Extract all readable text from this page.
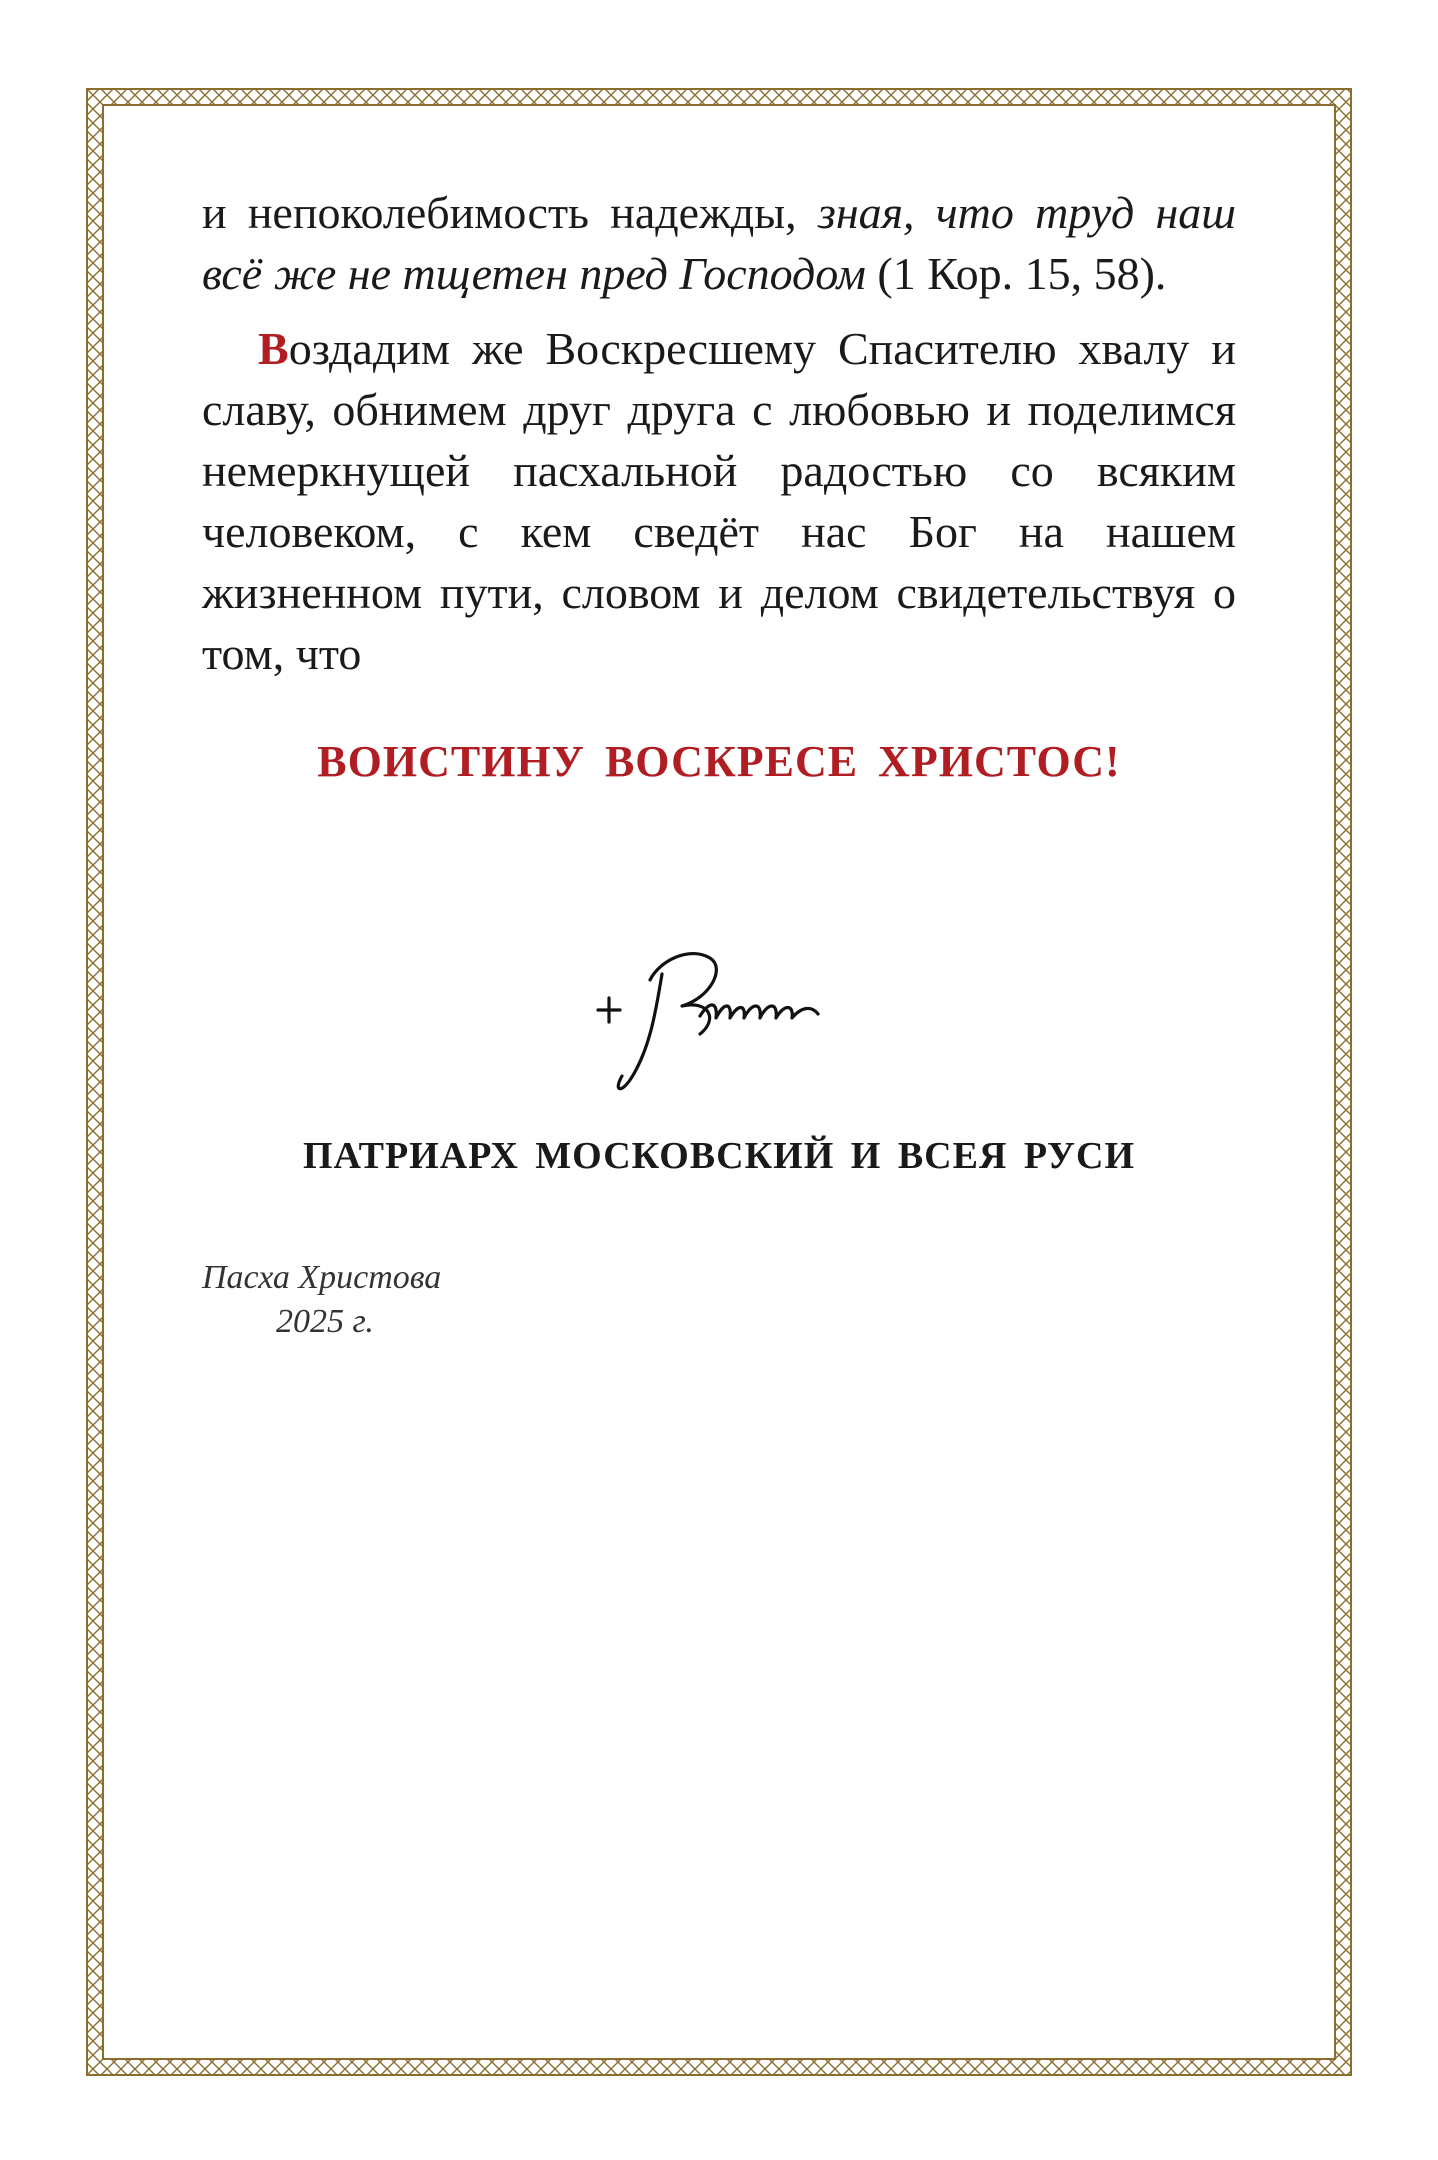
и непоколебимость надежды, зная, что труд наш всё же не тщетен пред Господом (1 Кор. 15, 58).

Воздадим же Воскресшему Спасителю хвалу и славу, обнимем друг друга с любовью и поделимся немеркнущей пасхальной радостью со всяким человеком, с кем сведёт нас Бог на нашем жизненном пути, словом и делом свидетельствуя о том, что

ВОИСТИНУ ВОСКРЕСЕ ХРИСТОС!
ПАТРИАРХ МОСКОВСКИЙ И ВСЕЯ РУСИ
Пасха Христова
2025 г.
